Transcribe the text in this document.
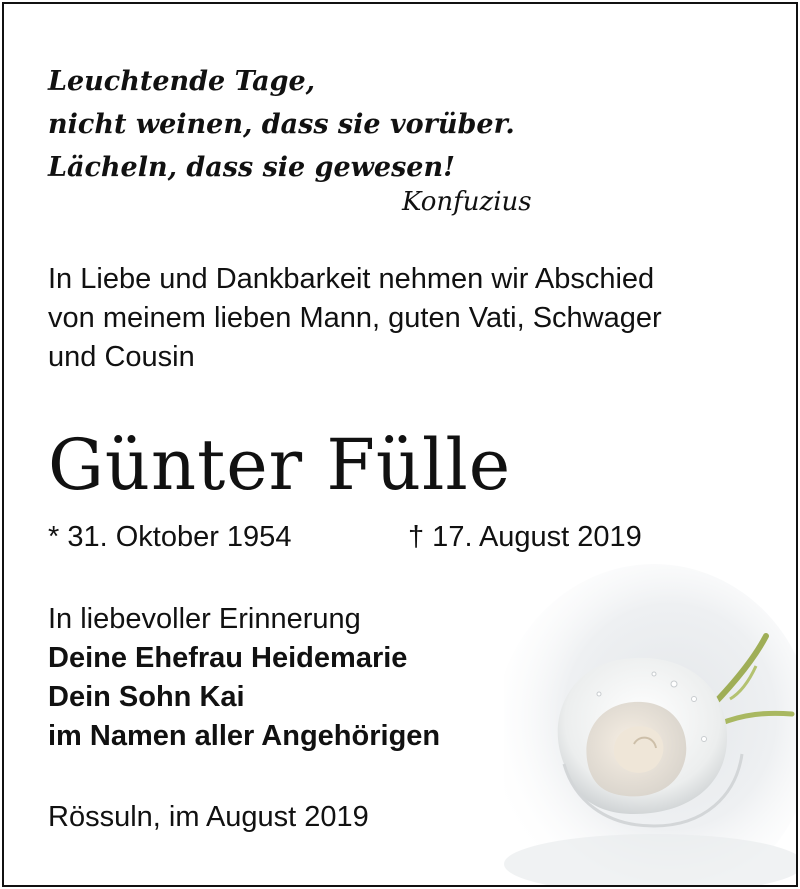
Leuchtende Tage,
nicht weinen, dass sie vorüber.
Lächeln, dass sie gewesen!
Konfuzius
In Liebe und Dankbarkeit nehmen wir Abschied
von meinem lieben Mann, guten Vati, Schwager
und Cousin
Günter Fülle
* 31. Oktober 1954	† 17. August 2019
In liebevoller Erinnerung
Deine Ehefrau Heidemarie
Dein Sohn Kai
im Namen aller Angehörigen
Rössuln, im August 2019
